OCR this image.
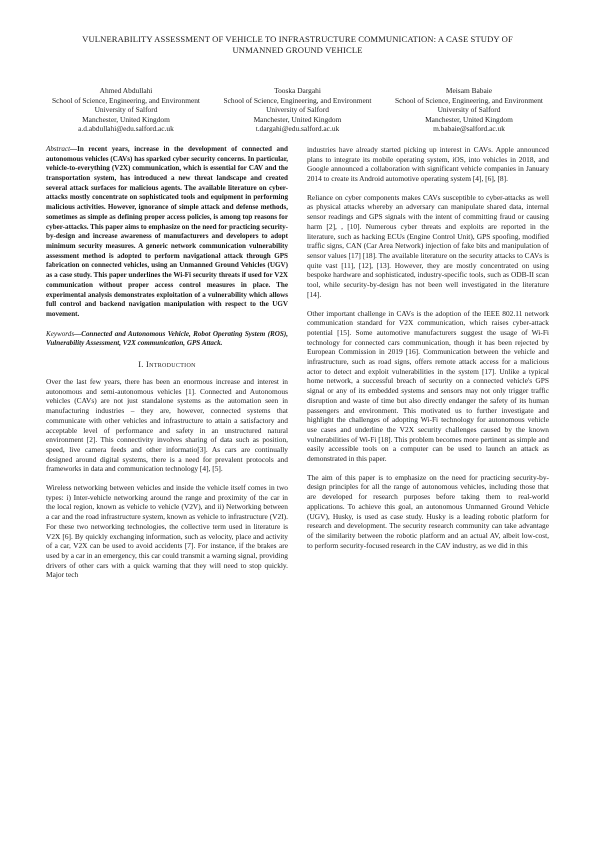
VULNERABILITY ASSESSMENT OF VEHICLE TO INFRASTRUCTURE COMMUNICATION: A CASE STUDY OF UNMANNED GROUND VEHICLE
Ahmed Abdullahi
School of Science, Engineering, and Environment
University of Salford
Manchester, United Kingdom
a.d.abdullahi@edu.salford.ac.uk
Tooska Dargahi
School of Science, Engineering, and Environment
University of Salford
Manchester, United Kingdom
t.dargahi@edu.salford.ac.uk
Meisam Babaie
School of Science, Engineering, and Environment
University of Salford
Manchester, United Kingdom
m.babaie@salford.ac.uk

Abstract—In recent years, increase in the development of connected and autonomous vehicles (CAVs) has sparked cyber security concerns. In particular, vehicle-to-everything (V2X) communication, which is essential for CAV and the transportation system, has introduced a new threat landscape and created several attack surfaces for malicious agents. The available literature on cyber-attacks mostly concentrate on sophisticated tools and equipment in performing malicious activities. However, ignorance of simple attack and defense methods, sometimes as simple as defining proper access policies, is among top reasons for cyber-attacks. This paper aims to emphasize on the need for practicing security-by-design and increase awareness of manufacturers and developers to adopt minimum security measures. A generic network communication vulnerability assessment method is adopted to perform navigational attack through GPS fabrication on connected vehicles, using an Unmanned Ground Vehicles (UGV) as a case study. This paper underlines the Wi-Fi security threats if used for V2X communication without proper access control measures in place. The experimental analysis demonstrates exploitation of a vulnerability which allows full control and backend navigation manipulation with respect to the UGV movement.

Keywords—Connected and Autonomous Vehicle, Robot Operating System (ROS), Vulnerability Assessment, V2X communication, GPS Attack.

I. Introduction

Over the last few years, there has been an enormous increase and interest in autonomous and semi-autonomous vehicles [1]. Connected and Autonomous vehicles (CAVs) are not just standalone systems as the automation seen in manufacturing industries – they are, however, connected systems that communicate with other vehicles and infrastructure to attain a satisfactory and acceptable level of performance and safety in an unstructured natural environment [2]. This connectivity involves sharing of data such as position, speed, live camera feeds and other informatio[3]. As cars are continually designed around digital systems, there is a need for prevalent protocols and frameworks in data and communication technology [4], [5].

Wireless networking between vehicles and inside the vehicle itself comes in two types: i) Inter-vehicle networking around the range and proximity of the car in the local region, known as vehicle to vehicle (V2V), and ii) Networking between a car and the road infrastructure system, known as vehicle to infrastructure (V2I). For these two networking technologies, the collective term used in literature is V2X [6]. By quickly exchanging information, such as velocity, place and activity of a car, V2X can be used to avoid accidents [7]. For instance, if the brakes are used by a car in an emergency, this car could transmit a warning signal, providing drivers of other cars with a quick warning that they will need to stop quickly. Major tech

industries have already started picking up interest in CAVs. Apple announced plans to integrate its mobile operating system, iOS, into vehicles in 2018, and Google announced a collaboration with significant vehicle companies in January 2014 to create its Android automotive operating system [4], [6], [8].

Reliance on cyber components makes CAVs susceptible to cyber-attacks as well as physical attacks whereby an adversary can manipulate shared data, internal sensor readings and GPS signals with the intent of committing fraud or causing harm [2], , [10]. Numerous cyber threats and exploits are reported in the literature, such as hacking ECUs (Engine Control Unit), GPS spoofing, modified traffic signs, CAN (Car Area Network) injection of fake bits and manipulation of sensor values [17] [18]. The available literature on the security attacks to CAVs is quite vast [11], [12], [13]. However, they are mostly concentrated on using bespoke hardware and sophisticated, industry-specific tools, such as ODB-II scan tool, while security-by-design has not been well investigated in the literature [14].

Other important challenge in CAVs is the adoption of the IEEE 802.11 network communication standard for V2X communication, which raises cyber-attack potential [15]. Some automotive manufacturers suggest the usage of Wi-Fi technology for connected cars communication, though it has been rejected by European Commission in 2019 [16]. Communication between the vehicle and infrastructure, such as road signs, offers remote attack access for a malicious actor to detect and exploit vulnerabilities in the system [17]. Unlike a typical home network, a successful breach of security on a connected vehicle's GPS signal or any of its embedded systems and sensors may not only trigger traffic disruption and waste of time but also directly endanger the safety of its human passengers and environment. This motivated us to further investigate and highlight the challenges of adopting Wi-Fi technology for autonomous vehicle use cases and underline the V2X security challenges caused by the known vulnerabilities of Wi-Fi [18]. This problem becomes more pertinent as simple and easily accessible tools on a computer can be used to launch an attack as demonstrated in this paper.

The aim of this paper is to emphasize on the need for practicing security-by-design principles for all the range of autonomous vehicles, including those that are developed for research purposes before taking them to real-world applications. To achieve this goal, an autonomous Unmanned Ground Vehicle (UGV), Husky, is used as case study. Husky is a leading robotic platform for research and development. The security research community can take advantage of the similarity between the robotic platform and an actual AV, albeit low-cost, to perform security-focused research in the CAV industry, as we did in this
